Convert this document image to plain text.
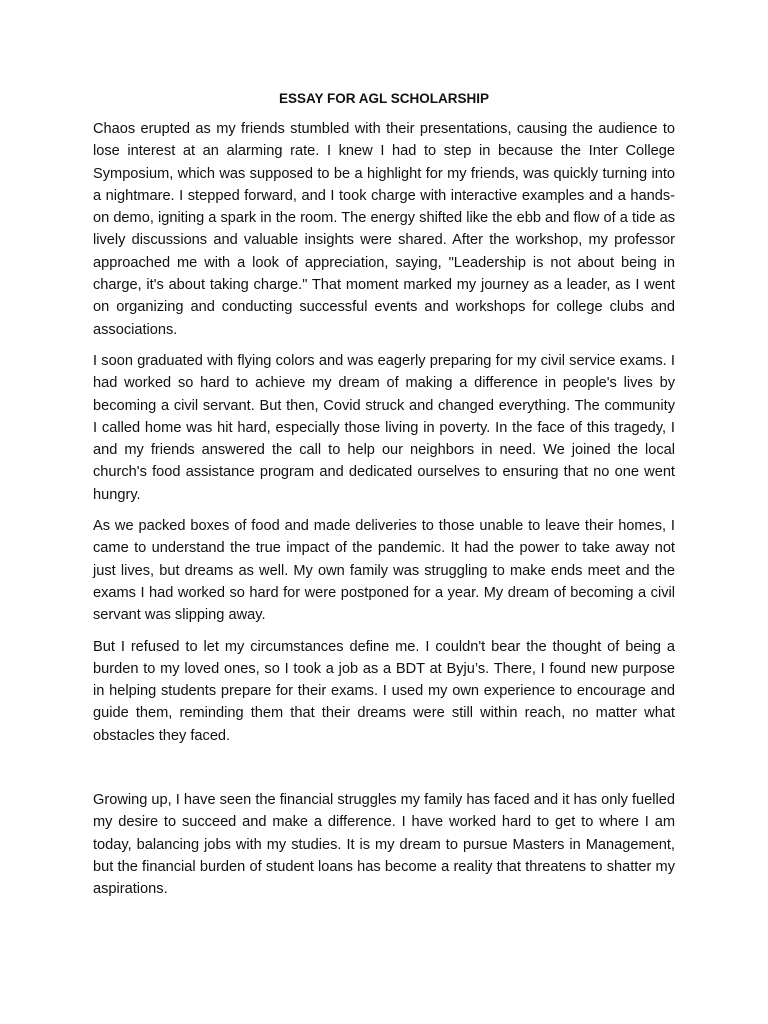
ESSAY FOR AGL SCHOLARSHIP

Chaos erupted as my friends stumbled with their presentations, causing the audience to lose interest at an alarming rate. I knew I had to step in because the Inter College Symposium, which was supposed to be a highlight for my friends, was quickly turning into a nightmare. I stepped forward, and I took charge with interactive examples and a hands-on demo, igniting a spark in the room. The energy shifted like the ebb and flow of a tide as lively discussions and valuable insights were shared. After the workshop, my professor approached me with a look of appreciation, saying, "Leadership is not about being in charge, it's about taking charge." That moment marked my journey as a leader, as I went on organizing and conducting successful events and workshops for college clubs and associations.

I soon graduated with flying colors and was eagerly preparing for my civil service exams. I had worked so hard to achieve my dream of making a difference in people's lives by becoming a civil servant. But then, Covid struck and changed everything. The community I called home was hit hard, especially those living in poverty. In the face of this tragedy, I and my friends answered the call to help our neighbors in need. We joined the local church's food assistance program and dedicated ourselves to ensuring that no one went hungry.

As we packed boxes of food and made deliveries to those unable to leave their homes, I came to understand the true impact of the pandemic. It had the power to take away not just lives, but dreams as well. My own family was struggling to make ends meet and the exams I had worked so hard for were postponed for a year. My dream of becoming a civil servant was slipping away.

But I refused to let my circumstances define me. I couldn't bear the thought of being a burden to my loved ones, so I took a job as a BDT at Byju’s. There, I found new purpose in helping students prepare for their exams. I used my own experience to encourage and guide them, reminding them that their dreams were still within reach, no matter what obstacles they faced.

Growing up, I have seen the financial struggles my family has faced and it has only fuelled my desire to succeed and make a difference. I have worked hard to get to where I am today, balancing jobs with my studies. It is my dream to pursue Masters in Management, but the financial burden of student loans has become a reality that threatens to shatter my aspirations.
